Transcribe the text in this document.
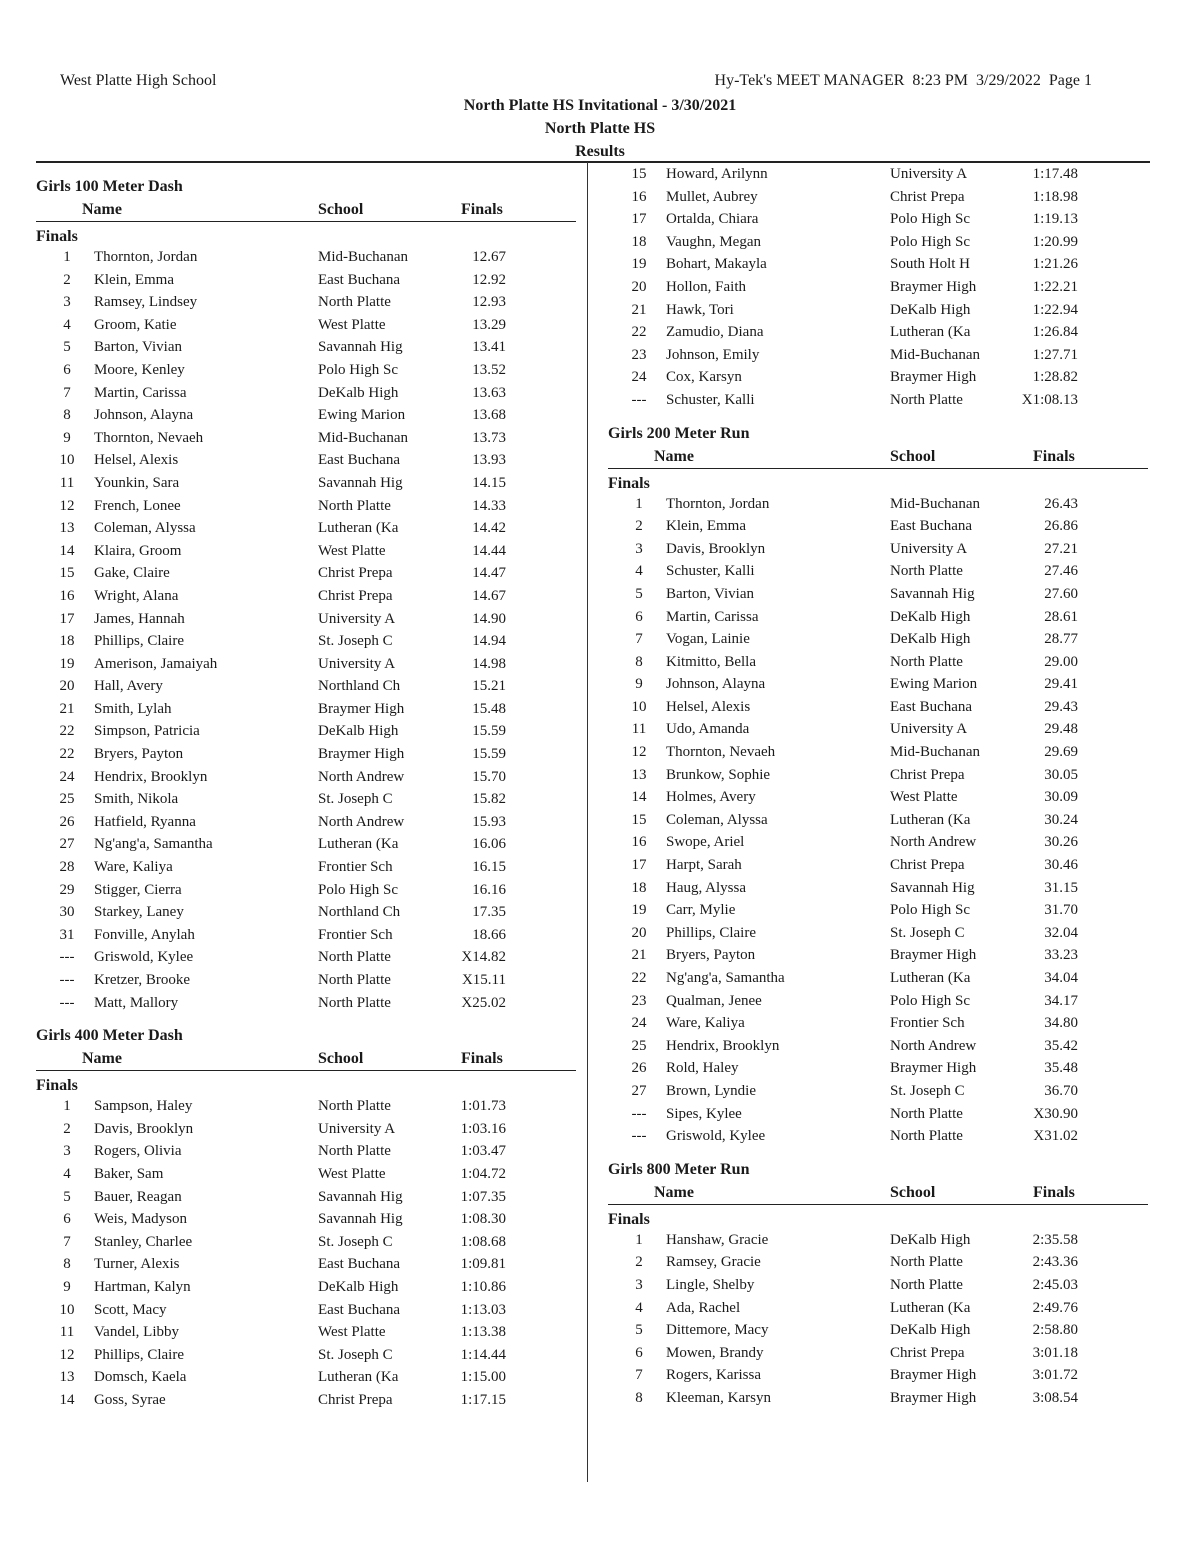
West Platte High School	Hy-Tek's MEET MANAGER  8:23 PM  3/29/2022  Page 1
North Platte HS Invitational - 3/30/2021
North Platte HS
Results
Girls 100 Meter Dash
Name	School	Finals
Finals
1	Thornton, Jordan	Mid-Buchanan	12.67
2	Klein, Emma	East Buchana	12.92
3	Ramsey, Lindsey	North Platte	12.93
4	Groom, Katie	West Platte	13.29
5	Barton, Vivian	Savannah Hig	13.41
6	Moore, Kenley	Polo High Sc	13.52
7	Martin, Carissa	DeKalb High	13.63
8	Johnson, Alayna	Ewing Marion	13.68
9	Thornton, Nevaeh	Mid-Buchanan	13.73
10	Helsel, Alexis	East Buchana	13.93
11	Younkin, Sara	Savannah Hig	14.15
12	French, Lonee	North Platte	14.33
13	Coleman, Alyssa	Lutheran (Ka	14.42
14	Klaira, Groom	West Platte	14.44
15	Gake, Claire	Christ Prepa	14.47
16	Wright, Alana	Christ Prepa	14.67
17	James, Hannah	University A	14.90
18	Phillips, Claire	St. Joseph C	14.94
19	Amerison, Jamaiyah	University A	14.98
20	Hall, Avery	Northland Ch	15.21
21	Smith, Lylah	Braymer High	15.48
22	Simpson, Patricia	DeKalb High	15.59
22	Bryers, Payton	Braymer High	15.59
24	Hendrix, Brooklyn	North Andrew	15.70
25	Smith, Nikola	St. Joseph C	15.82
26	Hatfield, Ryanna	North Andrew	15.93
27	Ng'ang'a, Samantha	Lutheran (Ka	16.06
28	Ware, Kaliya	Frontier Sch	16.15
29	Stigger, Cierra	Polo High Sc	16.16
30	Starkey, Laney	Northland Ch	17.35
31	Fonville, Anylah	Frontier Sch	18.66
---	Griswold, Kylee	North Platte	X14.82
---	Kretzer, Brooke	North Platte	X15.11
---	Matt, Mallory	North Platte	X25.02
Girls 400 Meter Dash
Name	School	Finals
Finals
1	Sampson, Haley	North Platte	1:01.73
2	Davis, Brooklyn	University A	1:03.16
3	Rogers, Olivia	North Platte	1:03.47
4	Baker, Sam	West Platte	1:04.72
5	Bauer, Reagan	Savannah Hig	1:07.35
6	Weis, Madyson	Savannah Hig	1:08.30
7	Stanley, Charlee	St. Joseph C	1:08.68
8	Turner, Alexis	East Buchana	1:09.81
9	Hartman, Kalyn	DeKalb High	1:10.86
10	Scott, Macy	East Buchana	1:13.03
11	Vandel, Libby	West Platte	1:13.38
12	Phillips, Claire	St. Joseph C	1:14.44
13	Domsch, Kaela	Lutheran (Ka	1:15.00
14	Goss, Syrae	Christ Prepa	1:17.15
15	Howard, Arilynn	University A	1:17.48
16	Mullet, Aubrey	Christ Prepa	1:18.98
17	Ortalda, Chiara	Polo High Sc	1:19.13
18	Vaughn, Megan	Polo High Sc	1:20.99
19	Bohart, Makayla	South Holt H	1:21.26
20	Hollon, Faith	Braymer High	1:22.21
21	Hawk, Tori	DeKalb High	1:22.94
22	Zamudio, Diana	Lutheran (Ka	1:26.84
23	Johnson, Emily	Mid-Buchanan	1:27.71
24	Cox, Karsyn	Braymer High	1:28.82
---	Schuster, Kalli	North Platte	X1:08.13
Girls 200 Meter Run
Name	School	Finals
Finals
1	Thornton, Jordan	Mid-Buchanan	26.43
2	Klein, Emma	East Buchana	26.86
3	Davis, Brooklyn	University A	27.21
4	Schuster, Kalli	North Platte	27.46
5	Barton, Vivian	Savannah Hig	27.60
6	Martin, Carissa	DeKalb High	28.61
7	Vogan, Lainie	DeKalb High	28.77
8	Kitmitto, Bella	North Platte	29.00
9	Johnson, Alayna	Ewing Marion	29.41
10	Helsel, Alexis	East Buchana	29.43
11	Udo, Amanda	University A	29.48
12	Thornton, Nevaeh	Mid-Buchanan	29.69
13	Brunkow, Sophie	Christ Prepa	30.05
14	Holmes, Avery	West Platte	30.09
15	Coleman, Alyssa	Lutheran (Ka	30.24
16	Swope, Ariel	North Andrew	30.26
17	Harpt, Sarah	Christ Prepa	30.46
18	Haug, Alyssa	Savannah Hig	31.15
19	Carr, Mylie	Polo High Sc	31.70
20	Phillips, Claire	St. Joseph C	32.04
21	Bryers, Payton	Braymer High	33.23
22	Ng'ang'a, Samantha	Lutheran (Ka	34.04
23	Qualman, Jenee	Polo High Sc	34.17
24	Ware, Kaliya	Frontier Sch	34.80
25	Hendrix, Brooklyn	North Andrew	35.42
26	Rold, Haley	Braymer High	35.48
27	Brown, Lyndie	St. Joseph C	36.70
---	Sipes, Kylee	North Platte	X30.90
---	Griswold, Kylee	North Platte	X31.02
Girls 800 Meter Run
Name	School	Finals
Finals
1	Hanshaw, Gracie	DeKalb High	2:35.58
2	Ramsey, Gracie	North Platte	2:43.36
3	Lingle, Shelby	North Platte	2:45.03
4	Ada, Rachel	Lutheran (Ka	2:49.76
5	Dittemore, Macy	DeKalb High	2:58.80
6	Mowen, Brandy	Christ Prepa	3:01.18
7	Rogers, Karissa	Braymer High	3:01.72
8	Kleeman, Karsyn	Braymer High	3:08.54
